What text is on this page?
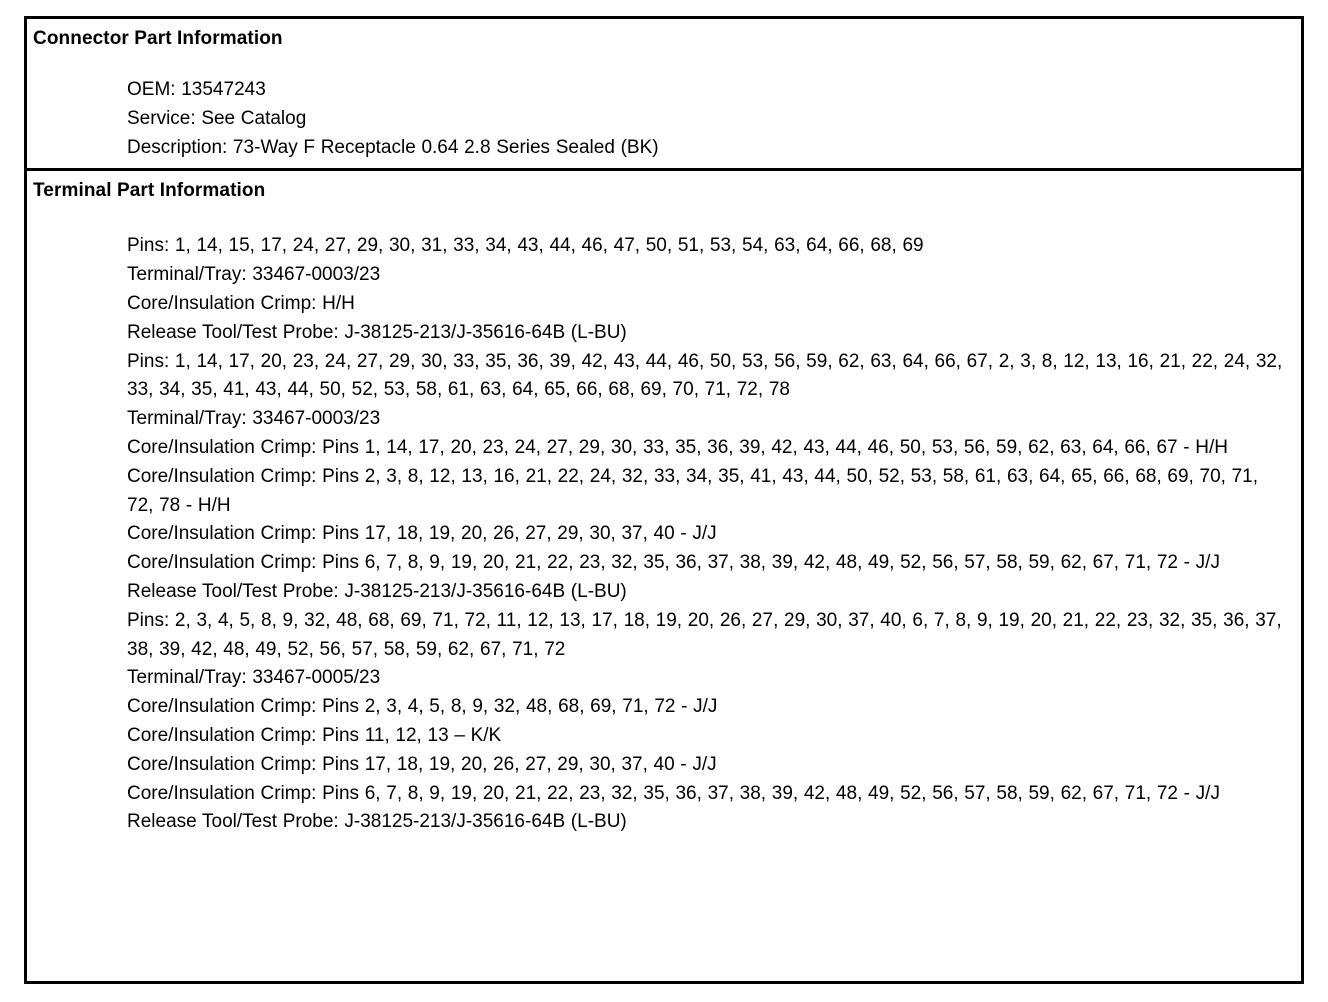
Connector Part Information
OEM: 13547243
Service: See Catalog
Description: 73-Way F Receptacle 0.64 2.8 Series Sealed (BK)
Terminal Part Information
Pins: 1, 14, 15, 17, 24, 27, 29, 30, 31, 33, 34, 43, 44, 46, 47, 50, 51, 53, 54, 63, 64, 66, 68, 69
Terminal/Tray: 33467-0003/23
Core/Insulation Crimp: H/H
Release Tool/Test Probe: J-38125-213/J-35616-64B (L-BU)
Pins: 1, 14, 17, 20, 23, 24, 27, 29, 30, 33, 35, 36, 39, 42, 43, 44, 46, 50, 53, 56, 59, 62, 63, 64, 66, 67, 2, 3, 8, 12, 13, 16, 21, 22, 24, 32, 33, 34, 35, 41, 43, 44, 50, 52, 53, 58, 61, 63, 64, 65, 66, 68, 69, 70, 71, 72, 78
Terminal/Tray: 33467-0003/23
Core/Insulation Crimp: Pins 1, 14, 17, 20, 23, 24, 27, 29, 30, 33, 35, 36, 39, 42, 43, 44, 46, 50, 53, 56, 59, 62, 63, 64, 66, 67 - H/H
Core/Insulation Crimp: Pins 2, 3, 8, 12, 13, 16, 21, 22, 24, 32, 33, 34, 35, 41, 43, 44, 50, 52, 53, 58, 61, 63, 64, 65, 66, 68, 69, 70, 71, 72, 78 - H/H
Core/Insulation Crimp: Pins 17, 18, 19, 20, 26, 27, 29, 30, 37, 40 - J/J
Core/Insulation Crimp: Pins 6, 7, 8, 9, 19, 20, 21, 22, 23, 32, 35, 36, 37, 38, 39, 42, 48, 49, 52, 56, 57, 58, 59, 62, 67, 71, 72 - J/J
Release Tool/Test Probe: J-38125-213/J-35616-64B (L-BU)
Pins: 2, 3, 4, 5, 8, 9, 32, 48, 68, 69, 71, 72, 11, 12, 13, 17, 18, 19, 20, 26, 27, 29, 30, 37, 40, 6, 7, 8, 9, 19, 20, 21, 22, 23, 32, 35, 36, 37, 38, 39, 42, 48, 49, 52, 56, 57, 58, 59, 62, 67, 71, 72
Terminal/Tray: 33467-0005/23
Core/Insulation Crimp: Pins 2, 3, 4, 5, 8, 9, 32, 48, 68, 69, 71, 72 - J/J
Core/Insulation Crimp: Pins 11, 12, 13 – K/K
Core/Insulation Crimp: Pins 17, 18, 19, 20, 26, 27, 29, 30, 37, 40 - J/J
Core/Insulation Crimp: Pins 6, 7, 8, 9, 19, 20, 21, 22, 23, 32, 35, 36, 37, 38, 39, 42, 48, 49, 52, 56, 57, 58, 59, 62, 67, 71, 72 - J/J
Release Tool/Test Probe: J-38125-213/J-35616-64B (L-BU)
